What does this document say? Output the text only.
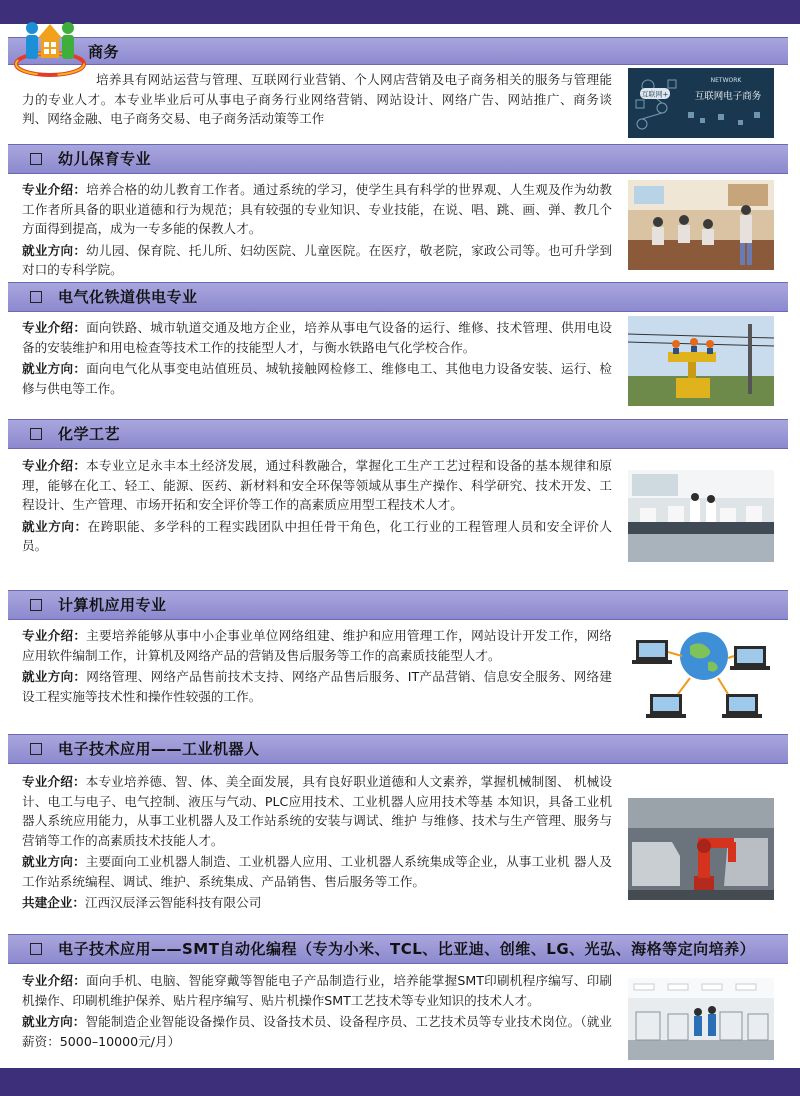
商务

培养具有网站运营与管理、互联网行业营销、个人网店营销及电子商务相关的服务与管理能力的专业人才。本专业毕业后可从事电子商务行业网络营销、网站设计、网络广告、网站推广、商务谈判、网络金融、电子商务交易、电子商务活动策等工作

互联网+
NETWORK
互联网电子商务
幼儿保育专业

专业介绍：培养合格的幼儿教育工作者。通过系统的学习，使学生具有科学的世界观、人生观及作为幼教工作者所具备的职业道德和行为规范；具有较强的专业知识、专业技能，在说、唱、跳、画、弹、教几个方面得到提高，成为一专多能的保教人才。

就业方向：幼儿园、保育院、托儿所、妇幼医院、儿童医院。在医疗，敬老院，家政公司等。也可升学到对口的专科学院。

电气化铁道供电专业

专业介绍：面向铁路、城市轨道交通及地方企业，培养从事电气设备的运行、维修、技术管理、供用电设备的安装维护和用电检查等技术工作的技能型人才，与衡水铁路电气化学校合作。

就业方向：面向电气化从事变电站值班员、城轨接触网检修工、维修电工、其他电力设备安装、运行、检修与供电等工作。

化学工艺

专业介绍：本专业立足永丰本土经济发展，通过科教融合，掌握化工生产工艺过程和设备的基本规律和原理，能够在化工、轻工、能源、医药、新材料和安全环保等领域从事生产操作、科学研究、技术开发、工程设计、生产管理、市场开拓和安全评价等工作的高素质应用型工程技术人才。

就业方向：在跨职能、多学科的工程实践团队中担任骨干角色，化工行业的工程管理人员和安全评价人员。

计算机应用专业

专业介绍：主要培养能够从事中小企事业单位网络组建、维护和应用管理工作，网站设计开发工作，网络应用软件编制工作，计算机及网络产品的营销及售后服务等工作的高素质技能型人才。

就业方向：网络管理、网络产品售前技术支持、网络产品售后服务、IT产品营销、信息安全服务、网络建设工程实施等技术性和操作性较强的工作。

电子技术应用——工业机器人

专业介绍：本专业培养德、智、体、美全面发展，具有良好职业道德和人文素养，掌握机械制图、 机械设计、电工与电子、电气控制、液压与气动、PLC应用技术、工业机器人应用技术等基 本知识，具备工业机器人系统应用能力，从事工业机器人及工作站系统的安装与调试、维护 与维修、技术与生产管理、服务与营销等工作的高素质技术技能人才。

就业方向：主要面向工业机器人制造、工业机器人应用、工业机器人系统集成等企业，从事工业机 器人及工作站系统编程、调试、维护、系统集成、产品销售、售后服务等工作。

共建企业：江西汉辰泽云智能科技有限公司

电子技术应用——SMT自动化编程（专为小米、TCL、比亚迪、创维、LG、光弘、海格等定向培养）

专业介绍：面向手机、电脑、智能穿戴等智能电子产品制造行业，培养能掌握SMT印刷机程序编写、印刷机操作、印刷机维护保养、贴片程序编写、贴片机操作SMT工艺技术等专业知识的技术人才。

就业方向：智能制造企业智能设备操作员、设备技术员、设备程序员、工艺技术员等专业技术岗位。（就业薪资：5000–10000元/月）
